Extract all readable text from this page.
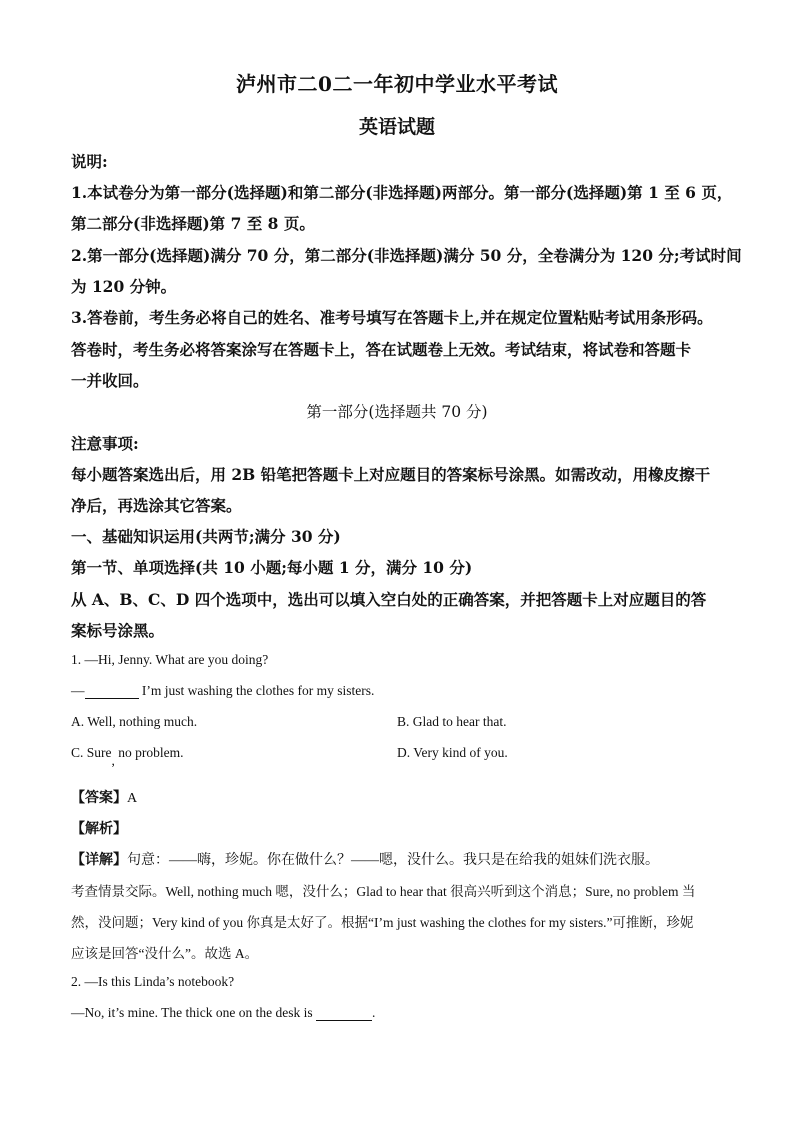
泸州市二0二一年初中学业水平考试
英语试题
说明:
1.本试卷分为第一部分(选择题)和第二部分(非选择题)两部分。第一部分(选择题)第 1 至 6 页，
第二部分(非选择题)第 7 至 8 页。
2.第一部分(选择题)满分 70 分，第二部分(非选择题)满分 50 分，全卷满分为 120 分;考试时间
为 120 分钟。
3.答卷前，考生务必将自己的姓名、准考号填写在答题卡上,并在规定位置粘贴考试用条形码。
答卷时，考生务必将答案涂写在答题卡上，答在试题卷上无效。考试结束，将试卷和答题卡
一并收回。
第一部分(选择题共 70 分)
注意事项:
每小题答案选出后，用 2B 铅笔把答题卡上对应题目的答案标号涂黑。如需改动，用橡皮擦干
净后，再选涂其它答案。
一、基础知识运用(共两节;满分 30 分)
第一节、单项选择(共 10 小题;每小题 1 分，满分 10 分)
从 A、B、C、D 四个选项中，选出可以填入空白处的正确答案，并把答题卡上对应题目的答
案标号涂黑。
1. —Hi, Jenny. What are you doing?
—	I’m just washing the clothes for my sisters.
A. Well, nothing much.	B. Glad to hear that.
C. Sure, no problem.	D. Very kind of you.
【答案】A
【解析】
【详解】句意：——嗨，珍妮。你在做什么？——嗯，没什么。我只是在给我的姐妹们洗衣服。
考查情景交际。Well, nothing much 嗯，没什么；Glad to hear that 很高兴听到这个消息；Sure, no problem 当
然，没问题；Very kind of you 你真是太好了。根据“I’m just washing the clothes for my sisters.”可推断，珍妮
应该是回答“没什么”。故选 A。
2. —Is this Linda’s notebook?
—No, it’s mine. The thick one on the desk is	.
